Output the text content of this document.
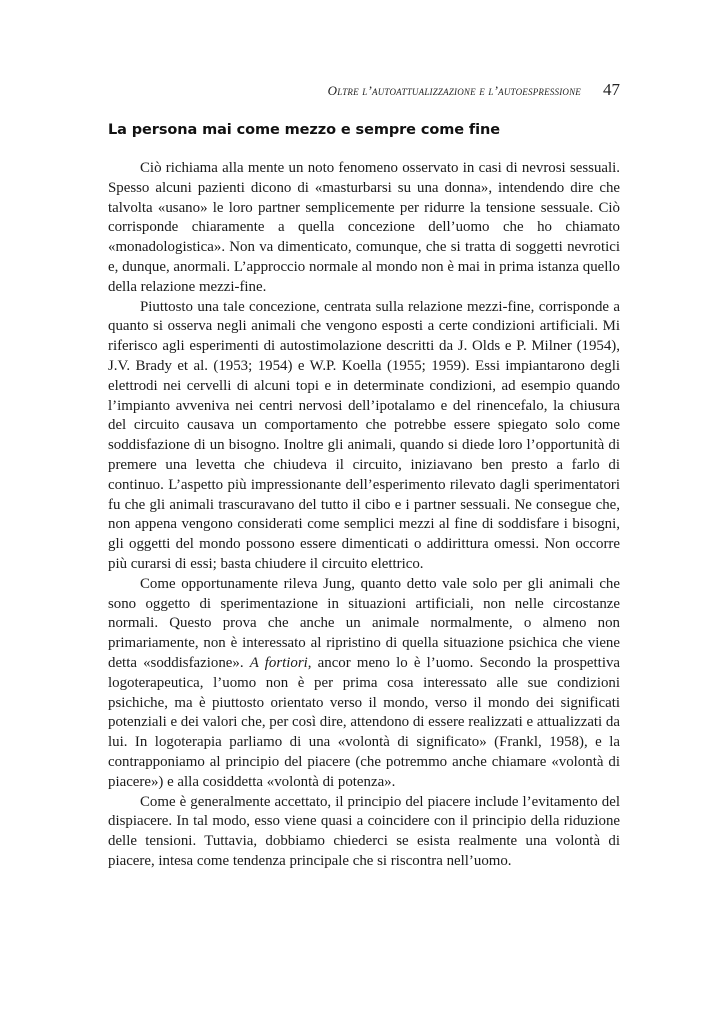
Oltre l’autoattualizzazione e l’autoespressione 47
La persona mai come mezzo e sempre come fine

Ciò richiama alla mente un noto fenomeno osservato in casi di nevrosi sessuali. Spesso alcuni pazienti dicono di «masturbarsi su una donna», intendendo dire che talvolta «usano» le loro partner semplicemente per ridurre la tensione sessuale. Ciò corrisponde chiaramente a quella concezione dell’uomo che ho chiamato «monadologistica». Non va dimenticato, comunque, che si tratta di soggetti nevrotici e, dunque, anormali. L’approccio normale al mondo non è mai in prima istanza quello della relazione mezzi-fine.

Piuttosto una tale concezione, centrata sulla relazione mezzi-fine, corrisponde a quanto si osserva negli animali che vengono esposti a certe condizioni artificiali. Mi riferisco agli esperimenti di autostimolazione descritti da J. Olds e P. Milner (1954), J.V. Brady et al. (1953; 1954) e W.P. Koella (1955; 1959). Essi impiantarono degli elettrodi nei cervelli di alcuni topi e in determinate condizioni, ad esempio quando l’impianto avveniva nei centri nervosi dell’ipotalamo e del rinencefalo, la chiusura del circuito causava un comportamento che potrebbe essere spiegato solo come soddisfazione di un bisogno. Inoltre gli animali, quando si diede loro l’opportunità di premere una levetta che chiudeva il circuito, iniziavano ben presto a farlo di continuo. L’aspetto più impressionante dell’esperimento rilevato dagli sperimentatori fu che gli animali trascuravano del tutto il cibo e i partner sessuali. Ne consegue che, non appena vengono considerati come semplici mezzi al fine di soddisfare i bisogni, gli oggetti del mondo possono essere dimenticati o addirittura omessi. Non occorre più curarsi di essi; basta chiudere il circuito elettrico.

Come opportunamente rileva Jung, quanto detto vale solo per gli animali che sono oggetto di sperimentazione in situazioni artificiali, non nelle circostanze normali. Questo prova che anche un animale normalmente, o almeno non primariamente, non è interessato al ripristino di quella situazione psichica che viene detta «soddisfazione». A fortiori, ancor meno lo è l’uomo. Secondo la prospettiva logoterapeutica, l’uomo non è per prima cosa interessato alle sue condizioni psichiche, ma è piuttosto orientato verso il mondo, verso il mondo dei significati potenziali e dei valori che, per così dire, attendono di essere realizzati e attualizzati da lui. In logoterapia parliamo di una «volontà di significato» (Frankl, 1958), e la contrapponiamo al principio del piacere (che potremmo anche chiamare «volontà di piacere») e alla cosiddetta «volontà di potenza».

Come è generalmente accettato, il principio del piacere include l’evitamento del dispiacere. In tal modo, esso viene quasi a coincidere con il principio della riduzione delle tensioni. Tuttavia, dobbiamo chiederci se esista realmente una volontà di piacere, intesa come tendenza principale che si riscontra nell’uomo.
